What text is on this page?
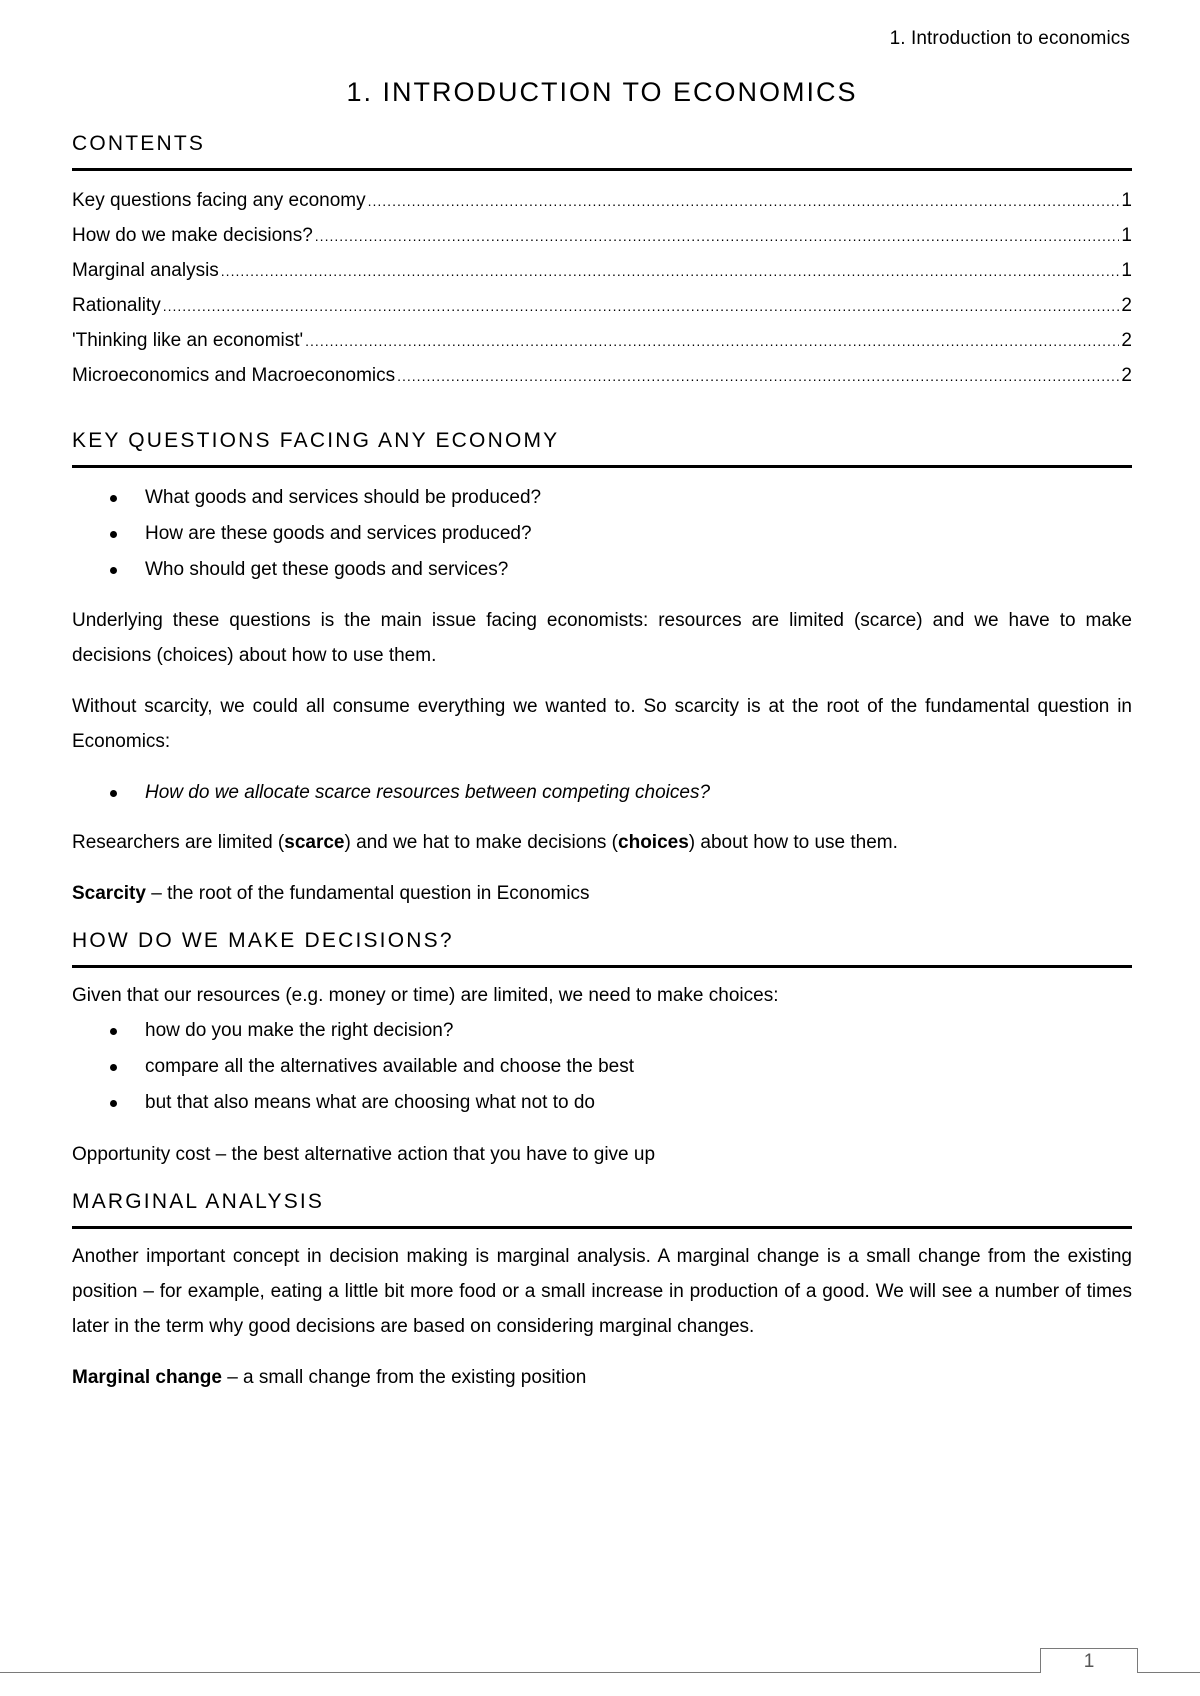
1. Introduction to economics
1. INTRODUCTION TO ECONOMICS
CONTENTS
Key questions facing any economy .....	1
How do we make decisions? .....	1
Marginal analysis .....	1
Rationality .....	2
'Thinking like an economist' .....	2
Microeconomics and Macroeconomics .....	2
KEY QUESTIONS FACING ANY ECONOMY
What goods and services should be produced?
How are these goods and services produced?
Who should get these goods and services?

Underlying these questions is the main issue facing economists: resources are limited (scarce) and we have to make decisions (choices) about how to use them.

Without scarcity, we could all consume everything we wanted to. So scarcity is at the root of the fundamental question in Economics:

How do we allocate scarce resources between competing choices?

Researchers are limited (scarce) and we hat to make decisions (choices) about how to use them.

Scarcity – the root of the fundamental question in Economics

HOW DO WE MAKE DECISIONS?

Given that our resources (e.g. money or time) are limited, we need to make choices:

how do you make the right decision?
compare all the alternatives available and choose the best
but that also means what are choosing what not to do

Opportunity cost – the best alternative action that you have to give up

MARGINAL ANALYSIS

Another important concept in decision making is marginal analysis. A marginal change is a small change from the existing position – for example, eating a little bit more food or a small increase in production of a good. We will see a number of times later in the term why good decisions are based on considering marginal changes.

Marginal change – a small change from the existing position

1
